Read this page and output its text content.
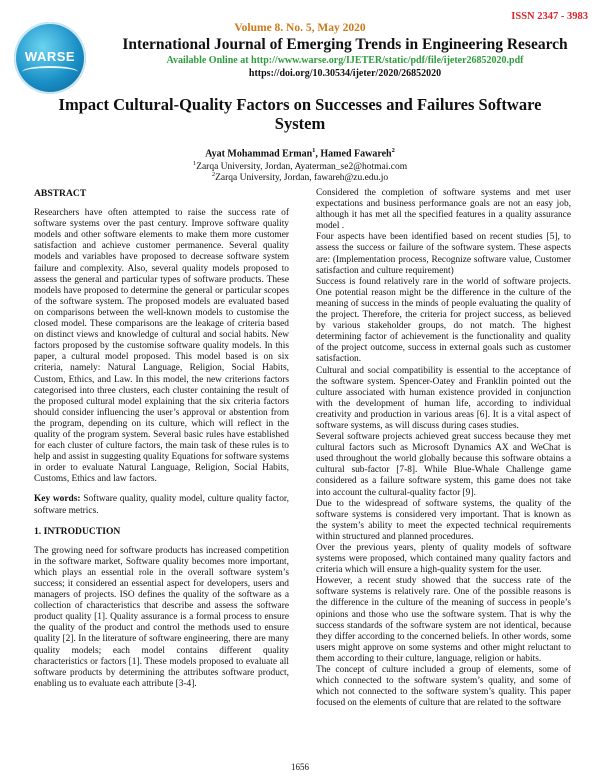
WARSE
ISSN 2347 - 3983
Volume 8. No. 5, May 2020
International Journal of Emerging Trends in Engineering Research
Available Online at http://www.warse.org/IJETER/static/pdf/file/ijeter26852020.pdf
https://doi.org/10.30534/ijeter/2020/26852020
Impact Cultural-Quality Factors on Successes and Failures Software System
Ayat Mohammad Erman$^1$, Hamed Fawareh$^2$
$^1$Zarqa University, Jordan, Ayaterman_se2@hotmai.com
$^2$Zarqa University, Jordan, fawareh@zu.edu.jo
ABSTRACT

Researchers have often attempted to raise the success rate of software systems over the past century. Improve software quality models and other software elements to make them more customer satisfaction and achieve customer permanence. Several quality models and variables have proposed to decrease software system failure and complexity. Also, several quality models proposed to assess the general and particular types of software products. These models have proposed to determine the general or particular scopes of the software system. The proposed models are evaluated based on comparisons between the well-known models to customise the closed model. These comparisons are the leakage of criteria based on distinct views and knowledge of cultural and social habits. New factors proposed by the customise software quality models. In this paper, a cultural model proposed. This model based is on six criteria, namely: Natural Language, Religion, Social Habits, Custom, Ethics, and Law. In this model, the new criterions factors categorised into three clusters, each cluster containing the result of the proposed cultural model explaining that the six criteria factors should consider influencing the user’s approval or abstention from the program, depending on its culture, which will reflect in the quality of the program system. Several basic rules have established for each cluster of culture factors, the main task of these rules is to help and assist in suggesting quality Equations for software systems in order to evaluate Natural Language, Religion, Social Habits, Customs, Ethics and law factors.

Key words: Software quality, quality model, culture quality factor, software metrics.

1. INTRODUCTION

The growing need for software products has increased competition in the software market, Software quality becomes more important, which plays an essential role in the overall software system’s success; it considered an essential aspect for developers, users and managers of projects. ISO defines the quality of the software as a collection of characteristics that describe and assess the software product quality [1]. Quality assurance is a formal process to ensure the quality of the product and control the methods used to ensure quality [2]. In the literature of software engineering, there are many quality models; each model contains different quality characteristics or factors [1]. These models proposed to evaluate all software products by determining the attributes software product, enabling us to evaluate each attribute [3-4].

Considered the completion of software systems and met user expectations and business performance goals are not an easy job, although it has met all the specified features in a quality assurance model .

Four aspects have been identified based on recent studies [5], to assess the success or failure of the software system. These aspects are: (Implementation process, Recognize software value, Customer satisfaction and culture requirement)

Success is found relatively rare in the world of software projects. One potential reason might be the difference in the culture of the meaning of success in the minds of people evaluating the quality of the project. Therefore, the criteria for project success, as believed by various stakeholder groups, do not match. The highest determining factor of achievement is the functionality and quality of the project outcome, success in external goals such as customer satisfaction.

Cultural and social compatibility is essential to the acceptance of the software system. Spencer-Oatey and Franklin pointed out the culture associated with human existence provided in conjunction with the development of human life, according to individual creativity and production in various areas [6]. It is a vital aspect of software systems, as will discuss during cases studies.

Several software projects achieved great success because they met cultural factors such as Microsoft Dynamics AX and WeChat is used throughout the world globally because this software obtains a cultural sub-factor [7-8]. While Blue-Whale Challenge game considered as a failure software system, this game does not take into account the cultural-quality factor [9].

Due to the widespread of software systems, the quality of the software systems is considered very important. That is known as the system’s ability to meet the expected technical requirements within structured and planned procedures.

Over the previous years, plenty of quality models of software systems were proposed, which contained many quality factors and criteria which will ensure a high-quality system for the user.

However, a recent study showed that the success rate of the software systems is relatively rare. One of the possible reasons is the difference in the culture of the meaning of success in people’s opinions and those who use the software system. That is why the success standards of the software system are not identical, because they differ according to the concerned beliefs. In other words, some users might approve on some systems and other might reluctant to them according to their culture, language, religion or habits.

The concept of culture included a group of elements, some of which connected to the software system’s quality, and some of which not connected to the software system’s quality. This paper focused on the elements of culture that are related to the software

1656
